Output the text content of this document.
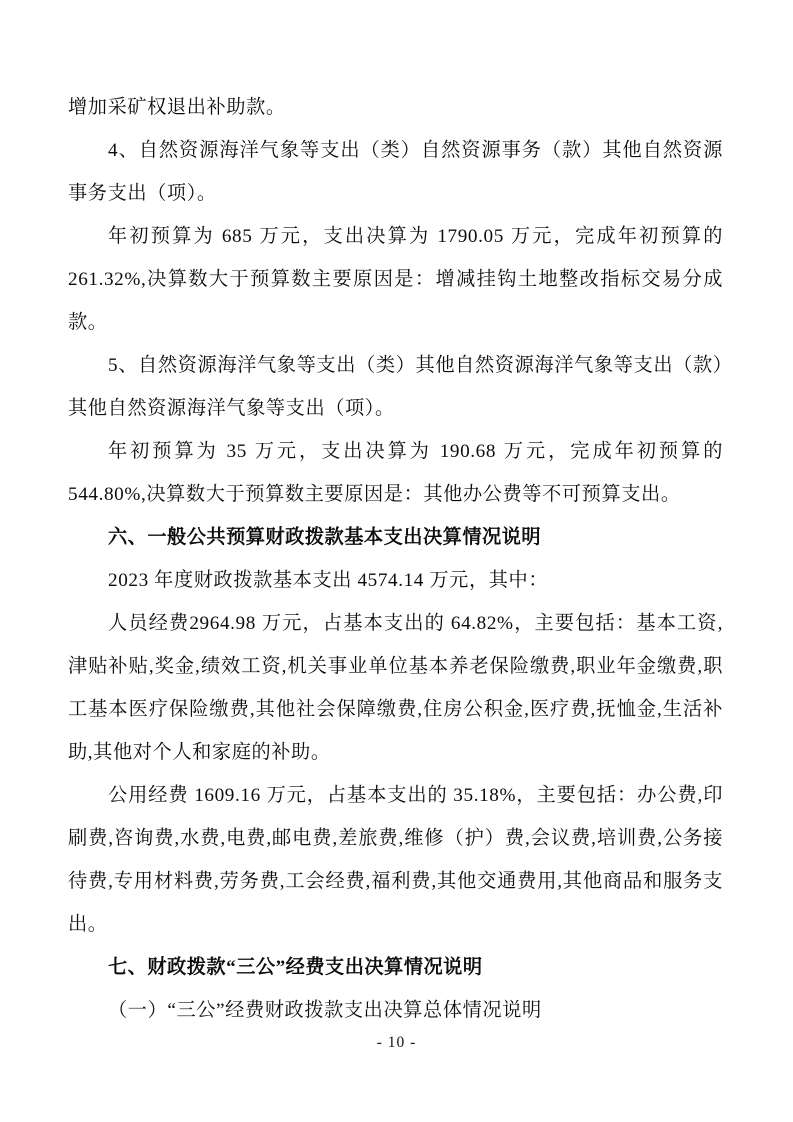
增加采矿权退出补助款。

4、自然资源海洋气象等支出（类）自然资源事务（款）其他自然资源事务支出（项）。

年初预算为 685 万元，支出决算为 1790.05 万元，完成年初预算的 261.32%,决算数大于预算数主要原因是：增减挂钩土地整改指标交易分成款。

5、自然资源海洋气象等支出（类）其他自然资源海洋气象等支出（款）其他自然资源海洋气象等支出（项）。

年初预算为 35 万元，支出决算为 190.68 万元，完成年初预算的 544.80%,决算数大于预算数主要原因是：其他办公费等不可预算支出。

六、一般公共预算财政拨款基本支出决算情况说明

2023 年度财政拨款基本支出 4574.14 万元，其中：

人员经费2964.98 万元，占基本支出的 64.82%，主要包括：基本工资,津贴补贴,奖金,绩效工资,机关事业单位基本养老保险缴费,职业年金缴费,职工基本医疗保险缴费,其他社会保障缴费,住房公积金,医疗费,抚恤金,生活补助,其他对个人和家庭的补助。

公用经费 1609.16 万元，占基本支出的 35.18%，主要包括：办公费,印刷费,咨询费,水费,电费,邮电费,差旅费,维修（护）费,会议费,培训费,公务接待费,专用材料费,劳务费,工会经费,福利费,其他交通费用,其他商品和服务支出。

七、财政拨款“三公”经费支出决算情况说明

（一）“三公”经费财政拨款支出决算总体情况说明

- 10 -
